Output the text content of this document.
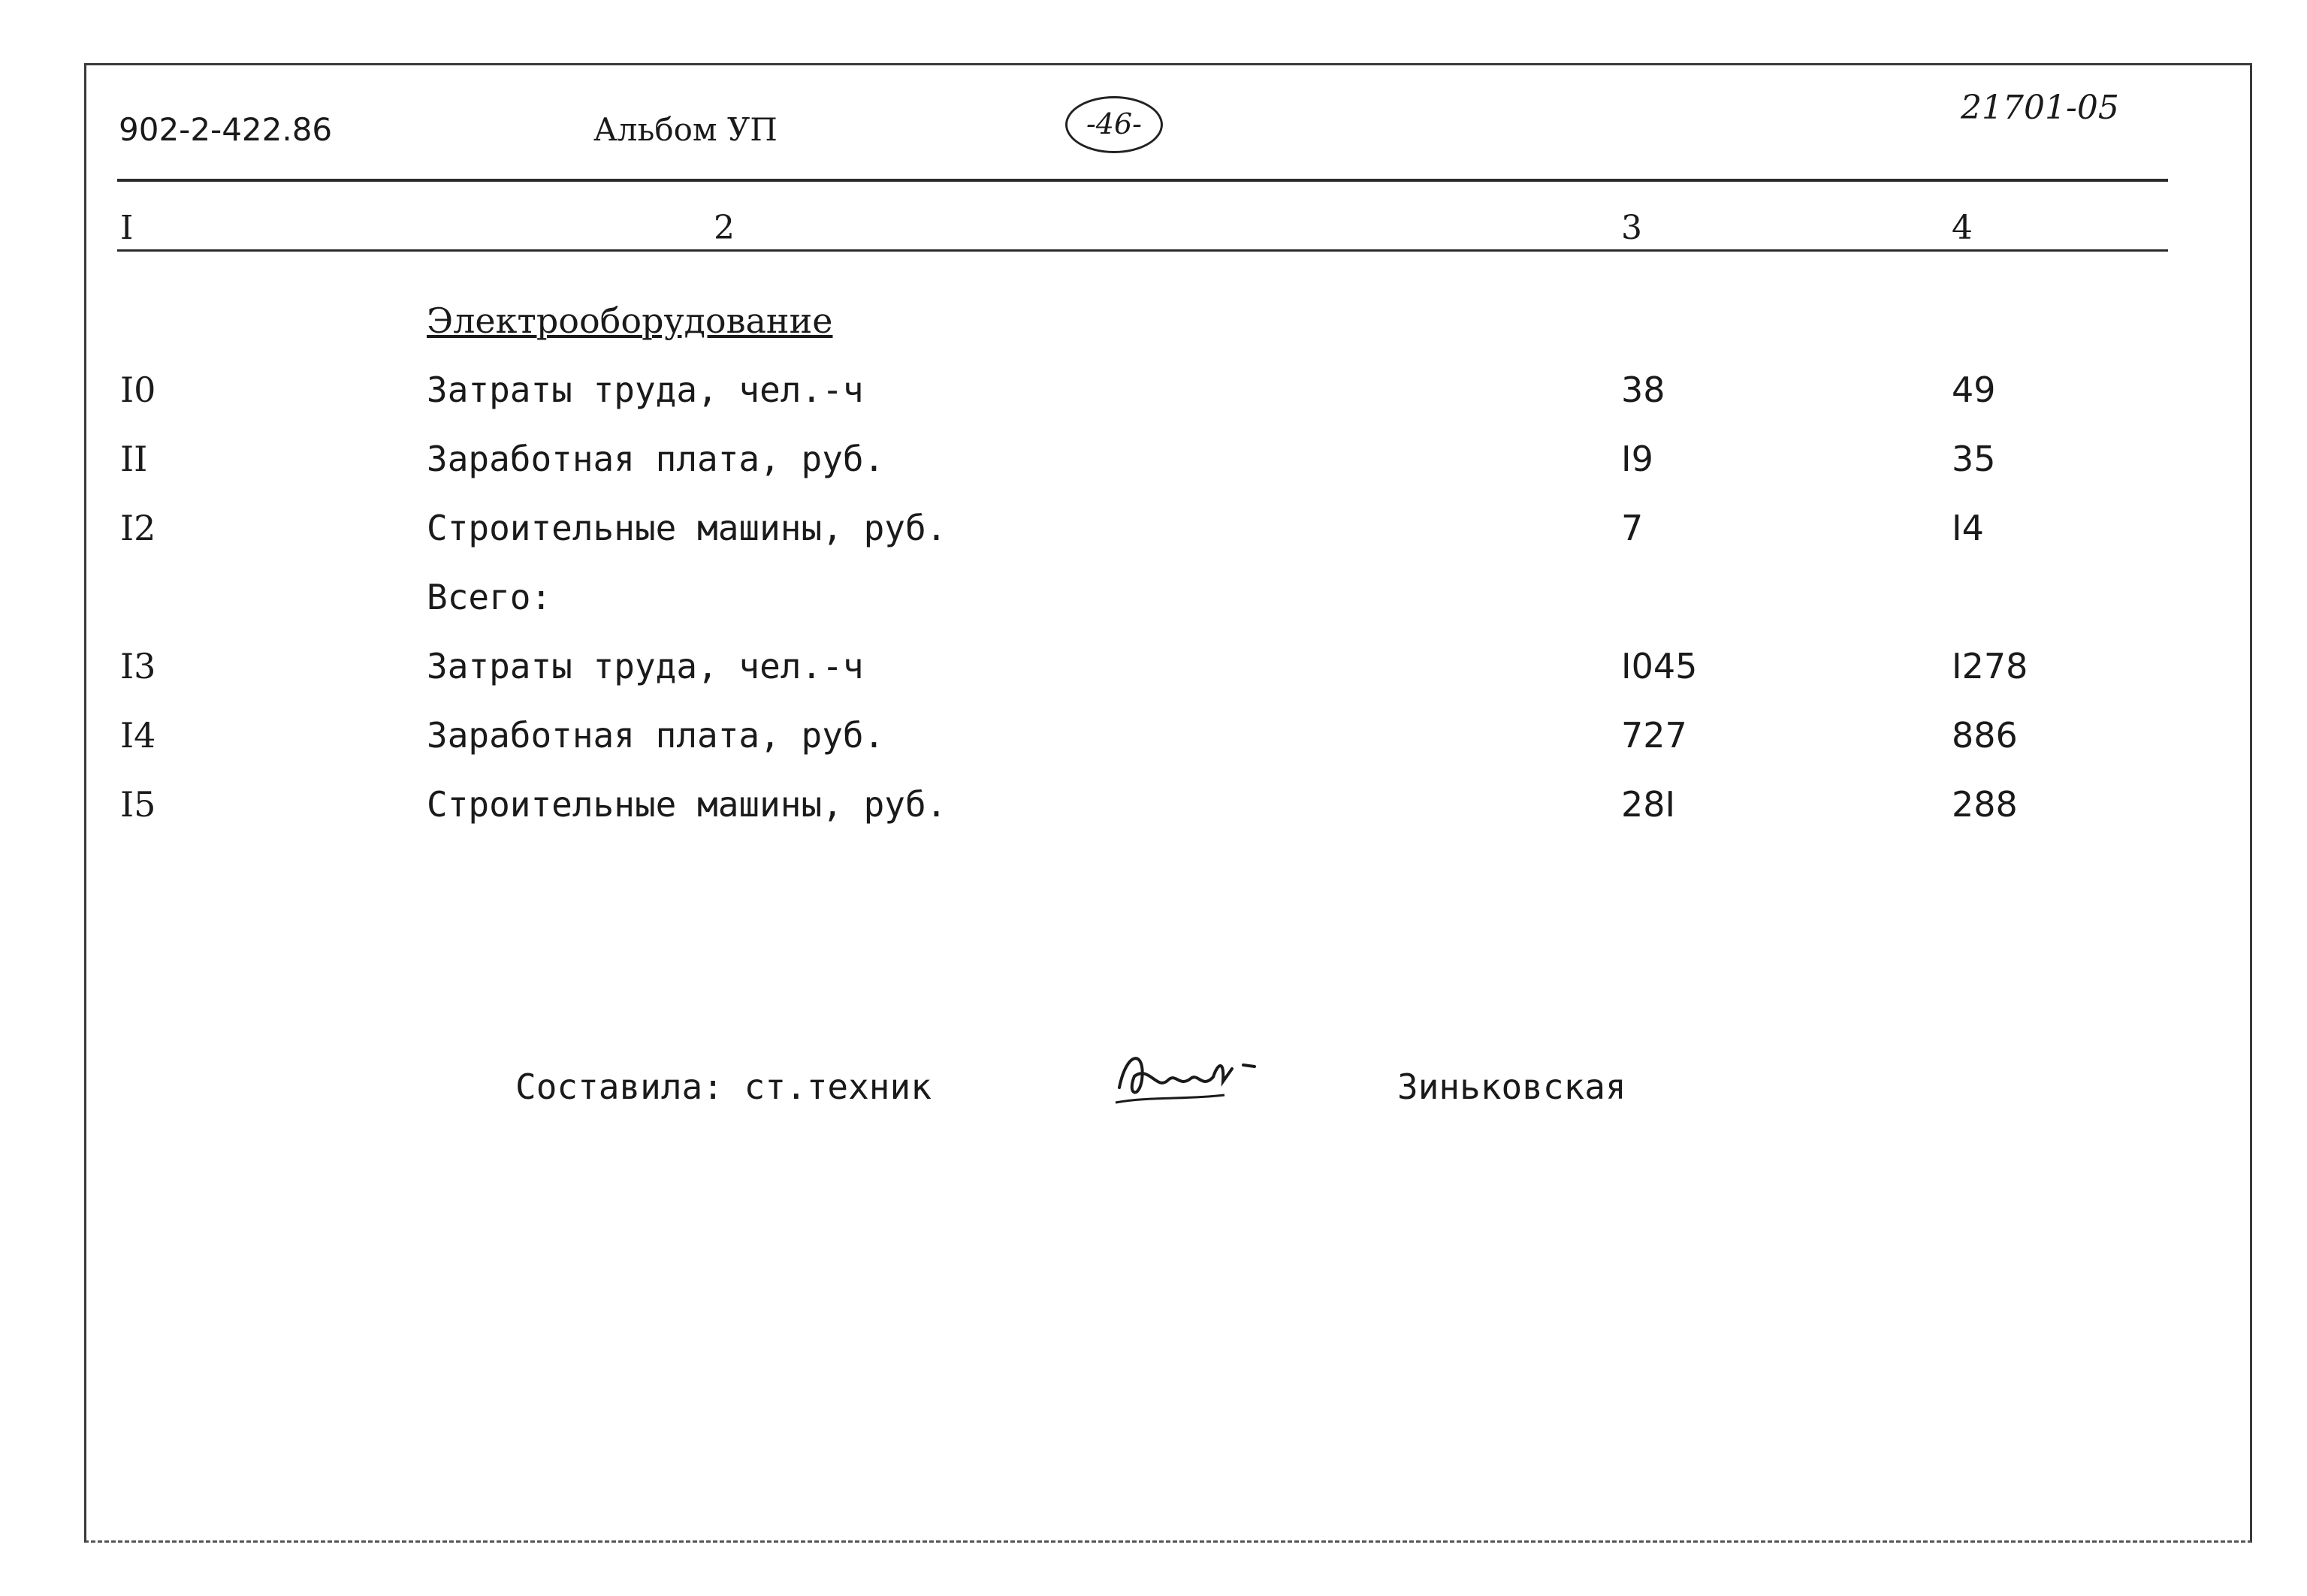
902-2-422.86	Альбом УП	-46-	21701-05
I	2	3	4
Электрооборудование
I0	Затраты труда, чел.-ч	38	49
II	Заработная плата, руб.	I9	35
I2	Строительные машины, руб.	7	I4
Всего:
I3	Затраты труда, чел.-ч	I045	I278
I4	Заработная плата, руб.	727	886
I5	Строительные машины, руб.	28I	288
Составила: ст.техник	Зиньковская
